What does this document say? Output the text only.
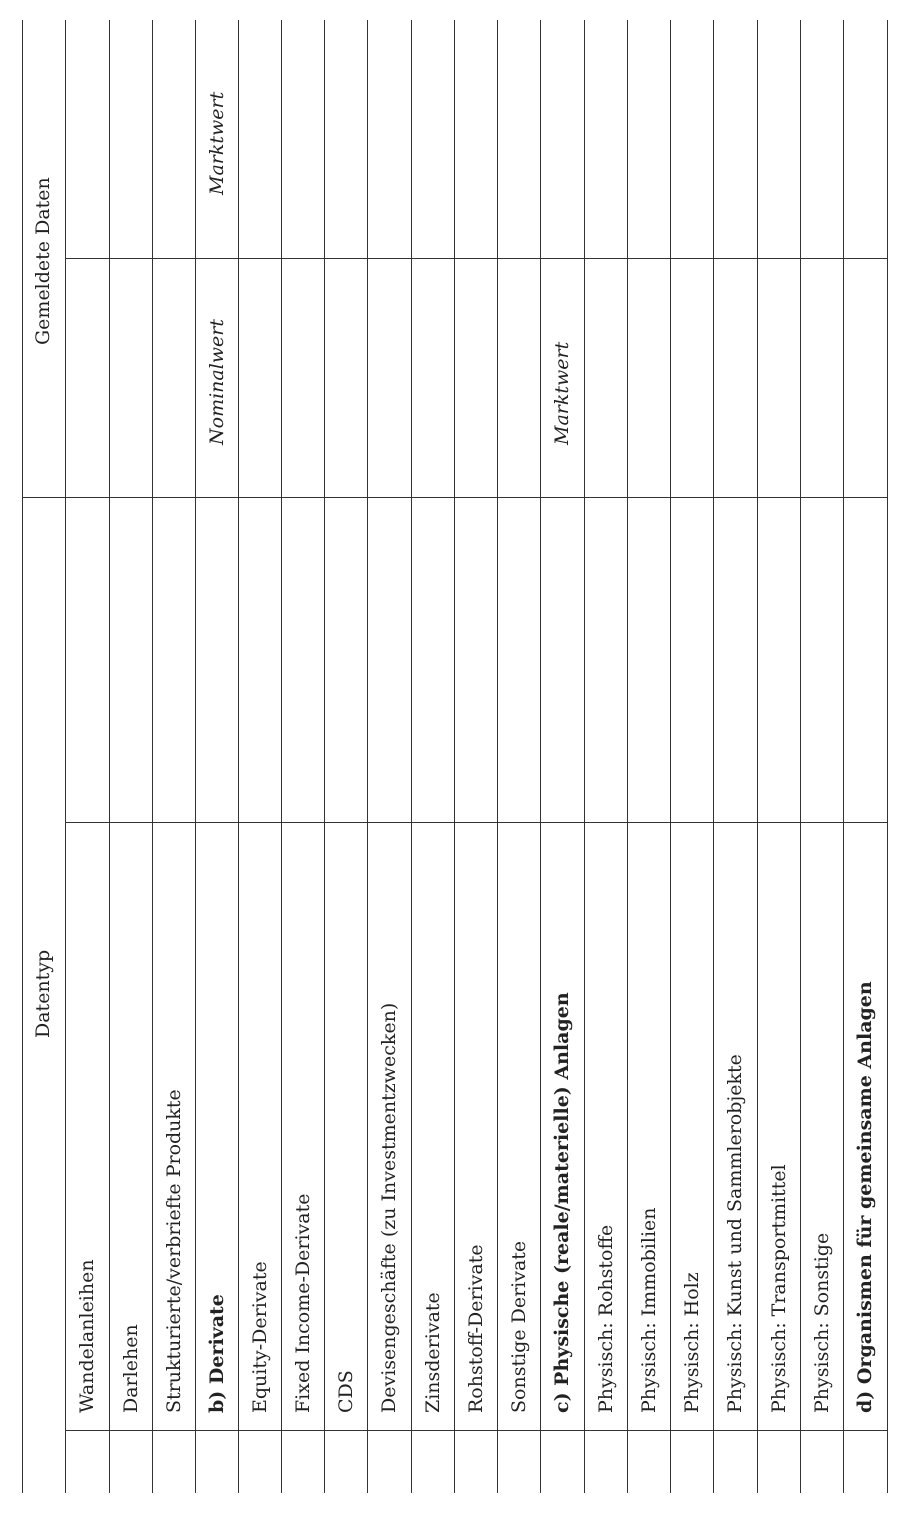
Datentyp
Gemeldete Daten
Wandelanleihen Darlehen Strukturierte/verbriefte Produkte b) Derivate
Nominalwert
Marktwert
Equity-Derivate Fixed Income-Derivate CDS Devisengeschäfte (zu Investmentzwecken) Zinsderivate Rohstoff-Derivate Sonstige Derivate c) Physische (reale/materielle) Anlagen
Marktwert
Physisch: Rohstoffe Physisch: Immobilien Physisch: Holz Physisch: Kunst und Sammlerobjekte Physisch: Transportmittel Physisch: Sonstige d) Organismen für gemeinsame Anlagen
